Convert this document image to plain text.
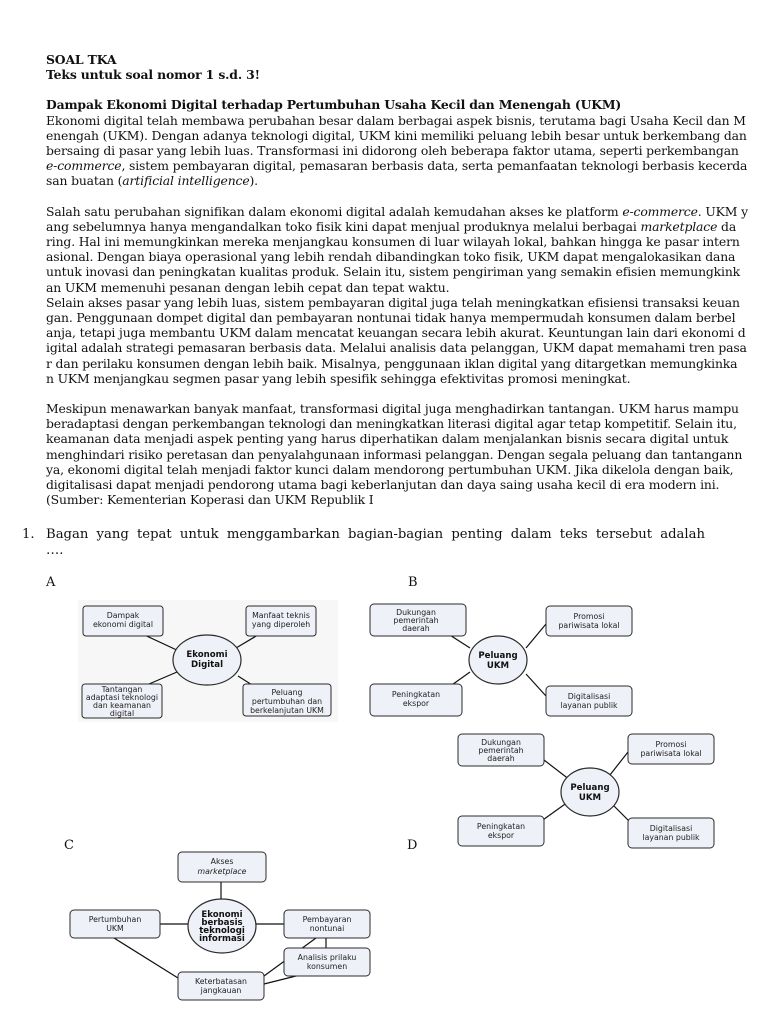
SOAL TKA

Teks untuk soal nomor 1 s.d. 3!

Dampak Ekonomi Digital terhadap Pertumbuhan Usaha Kecil dan Menengah (UKM)

Ekonomi digital telah membawa perubahan besar dalam berbagai aspek bisnis, terutama bagi Usaha Kecil dan M

enengah (UKM). Dengan adanya teknologi digital, UKM kini memiliki peluang lebih besar untuk berkembang dan

bersaing di pasar yang lebih luas. Transformasi ini didorong oleh beberapa faktor utama, seperti perkembangan

e-commerce, sistem pembayaran digital, pemasaran berbasis data, serta pemanfaatan teknologi berbasis kecerda

san buatan (artificial intelligence).

Salah satu perubahan signifikan dalam ekonomi digital adalah kemudahan akses ke platform e-commerce. UKM y

ang sebelumnya hanya mengandalkan toko fisik kini dapat menjual produknya melalui berbagai marketplace da

ring. Hal ini memungkinkan mereka menjangkau konsumen di luar wilayah lokal, bahkan hingga ke pasar intern

asional. Dengan biaya operasional yang lebih rendah dibandingkan toko fisik, UKM dapat mengalokasikan dana

untuk inovasi dan peningkatan kualitas produk. Selain itu, sistem pengiriman yang semakin efisien memungkink

an UKM memenuhi pesanan dengan lebih cepat dan tepat waktu.

Selain akses pasar yang lebih luas, sistem pembayaran digital juga telah meningkatkan efisiensi transaksi keuan

gan. Penggunaan dompet digital dan pembayaran nontunai tidak hanya mempermudah konsumen dalam berbel

anja, tetapi juga membantu UKM dalam mencatat keuangan secara lebih akurat. Keuntungan lain dari ekonomi d

igital adalah strategi pemasaran berbasis data. Melalui analisis data pelanggan, UKM dapat memahami tren pasa

r dan perilaku konsumen dengan lebih baik. Misalnya, penggunaan iklan digital yang ditargetkan memungkinka

n UKM menjangkau segmen pasar yang lebih spesifik sehingga efektivitas promosi meningkat.

Meskipun menawarkan banyak manfaat, transformasi digital juga menghadirkan tantangan. UKM harus mampu

beradaptasi dengan perkembangan teknologi dan meningkatkan literasi digital agar tetap kompetitif. Selain itu,

keamanan data menjadi aspek penting yang harus diperhatikan dalam menjalankan bisnis secara digital untuk

menghindari risiko peretasan dan penyalahgunaan informasi pelanggan. Dengan segala peluang dan tantangann

ya, ekonomi digital telah menjadi faktor kunci dalam mendorong pertumbuhan UKM. Jika dikelola dengan baik,

digitalisasi dapat menjadi pendorong utama bagi keberlanjutan dan daya saing usaha kecil di era modern ini.

(Sumber: Kementerian Koperasi dan UKM Republik I

1. Bagan yang tepat untuk menggambarkan bagian-bagian penting dalam teks tersebut adalah
….
A	B
C	D
Ekonomi
Digital
Dampak
ekonomi digital
Manfaat teknis
yang diperoleh
Tantangan
adaptasi teknologi
dan keamanan
digital
Peluang
pertumbuhan dan
berkelanjutan UKM
Peluang
UKM
Dukungan
pemerintah
daerah
Promosi
pariwisata lokal
Peningkatan
ekspor
Digitalisasi
layanan publik
Ekonomi
berbasis
teknologi
informasi
Akses
marketplace
Pertumbuhan
UKM
Pembayaran
nontunai
Analisis prilaku
konsumen
Keterbatasan
jangkauan
Peluang
UKM
Dukungan
pemerintah
daerah
Promosi
pariwisata lokal
Peningkatan
ekspor
Digitalisasi
layanan publik
